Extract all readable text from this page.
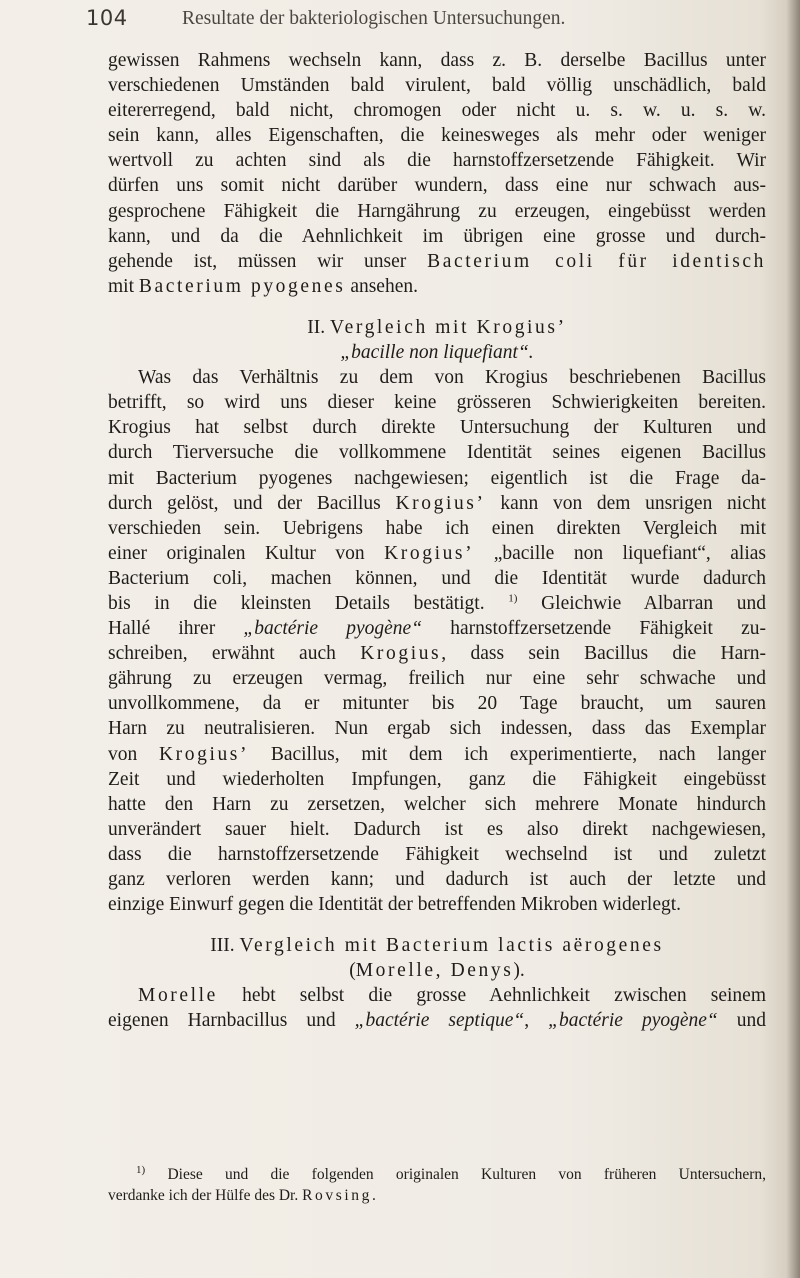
104	Resultate der bakteriologischen Untersuchungen.
gewissen Rahmens wechseln kann, dass z. B. derselbe Bacillus unter
verschiedenen Umständen bald virulent, bald völlig unschädlich, bald
eitererregend, bald nicht, chromogen oder nicht u. s. w. u. s. w.
sein kann, alles Eigenschaften, die keinesweges als mehr oder weniger
wertvoll zu achten sind als die harnstoffzersetzende Fähigkeit. Wir
dürfen uns somit nicht darüber wundern, dass eine nur schwach aus-
gesprochene Fähigkeit die Harngährung zu erzeugen, eingebüsst werden
kann, und da die Aehnlichkeit im übrigen eine grosse und durch-
gehende ist, müssen wir unser Bacterium coli für identisch
mit Bacterium pyogenes ansehen.
II. Vergleich mit Krogius’
„bacille non liquefiant“.
Was das Verhältnis zu dem von Krogius beschriebenen Bacillus
betrifft, so wird uns dieser keine grösseren Schwierigkeiten bereiten.
Krogius hat selbst durch direkte Untersuchung der Kulturen und
durch Tierversuche die vollkommene Identität seines eigenen Bacillus
mit Bacterium pyogenes nachgewiesen; eigentlich ist die Frage da-
durch gelöst, und der Bacillus Krogius’ kann von dem unsrigen nicht
verschieden sein. Uebrigens habe ich einen direkten Vergleich mit
einer originalen Kultur von Krogius’ „bacille non liquefiant“, alias
Bacterium coli, machen können, und die Identität wurde dadurch
bis in die kleinsten Details bestätigt. $^{1)}$ Gleichwie Albarran und
Hallé ihrer „bactérie pyogène“ harnstoffzersetzende Fähigkeit zu-
schreiben, erwähnt auch Krogius, dass sein Bacillus die Harn-
gährung zu erzeugen vermag, freilich nur eine sehr schwache und
unvollkommene, da er mitunter bis 20 Tage braucht, um sauren
Harn zu neutralisieren. Nun ergab sich indessen, dass das Exemplar
von Krogius’ Bacillus, mit dem ich experimentierte, nach langer
Zeit und wiederholten Impfungen, ganz die Fähigkeit eingebüsst
hatte den Harn zu zersetzen, welcher sich mehrere Monate hindurch
unverändert sauer hielt. Dadurch ist es also direkt nachgewiesen,
dass die harnstoffzersetzende Fähigkeit wechselnd ist und zuletzt
ganz verloren werden kann; und dadurch ist auch der letzte und
einzige Einwurf gegen die Identität der betreffenden Mikroben widerlegt.
III. Vergleich mit Bacterium lactis aërogenes
(Morelle, Denys).
Morelle hebt selbst die grosse Aehnlichkeit zwischen seinem
eigenen Harnbacillus und „bactérie septique“, „bactérie pyogène“ und
$^{1)}$ Diese und die folgenden originalen Kulturen von früheren Untersuchern,
verdanke ich der Hülfe des Dr. Rovsing.
